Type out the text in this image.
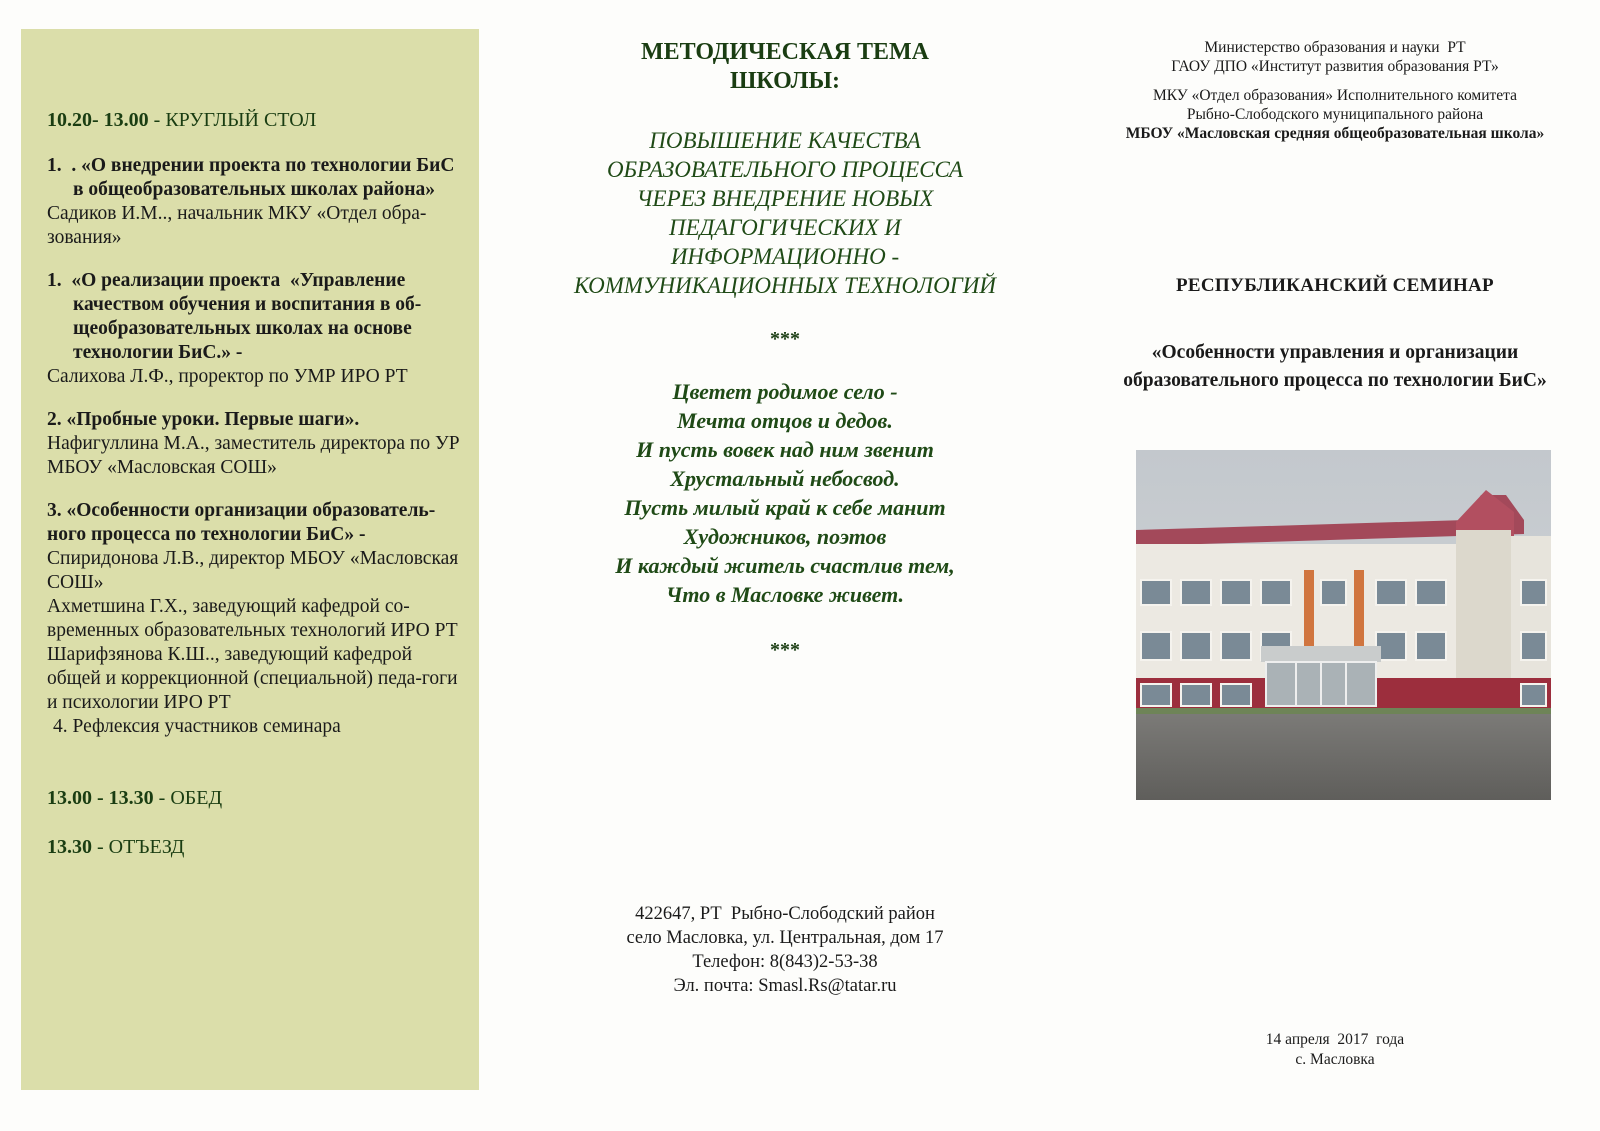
10.20- 13.00 - КРУГЛЫЙ СТОЛ
1.  . «О внедрении проекта по технологии БиС в общеобразовательных школах района»
Садиков И.М.., начальник МКУ «Отдел обра-зования»
1.  «О реализации проекта  «Управление качеством обучения и воспитания в об-щеобразовательных школах на основе технологии БиС.» -
Салихова Л.Ф., проректор по УМР ИРО РТ
2. «Пробные уроки. Первые шаги».
Нафигуллина М.А., заместитель директора по УР МБОУ «Масловская СОШ»
3. «Особенности организации образователь-ного процесса по технологии БиС» -
Спиридонова Л.В., директор МБОУ «Масловская СОШ»
Ахметшина Г.Х., заведующий кафедрой со-временных образовательных технологий ИРО РТ
Шарифзянова К.Ш.., заведующий кафедрой общей и коррекционной (специальной) педа-гоги и психологии ИРО РТ
4. Рефлексия участников семинара
13.00 - 13.30 - ОБЕД
13.30 - ОТЪЕЗД
МЕТОДИЧЕСКАЯ ТЕМА
ШКОЛЫ:
ПОВЫШЕНИЕ КАЧЕСТВА
ОБРАЗОВАТЕЛЬНОГО ПРОЦЕССА
ЧЕРЕЗ ВНЕДРЕНИЕ НОВЫХ
ПЕДАГОГИЧЕСКИХ И
ИНФОРМАЦИОННО -
КОММУНИКАЦИОННЫХ ТЕХНОЛОГИЙ
***
Цветет родимое село -
Мечта отцов и дедов.
И пусть вовек над ним звенит
Хрустальный небосвод.
Пусть милый край к себе манит
Художников, поэтов
И каждый житель счастлив тем,
Что в Масловке живет.
***
422647, РТ  Рыбно-Слободский район
село Масловка, ул. Центральная, дом 17
Телефон: 8(843)2-53-38
Эл. почта: Smasl.Rs@tatar.ru
Министерство образования и науки  РТ
ГАОУ ДПО «Институт развития образования РТ»
МКУ «Отдел образования» Исполнительного комитета
Рыбно-Слободского муниципального района
МБОУ «Масловская средняя общеобразовательная школа»
РЕСПУБЛИКАНСКИЙ СЕМИНАР
«Особенности управления и организации
образовательного процесса по технологии БиС»
14 апреля  2017  года
с. Масловка
